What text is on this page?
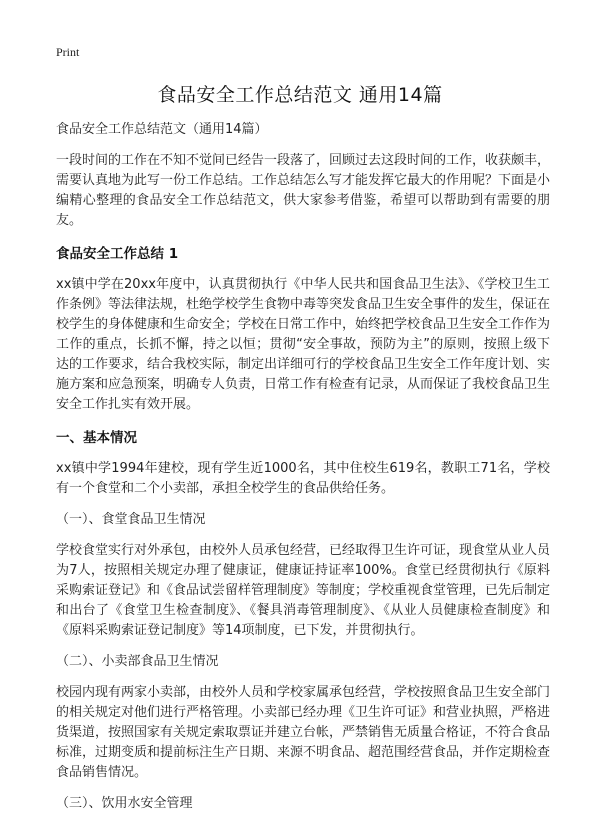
Print
食品安全工作总结范文 通用14篇
食品安全工作总结范文（通用14篇）

一段时间的工作在不知不觉间已经告一段落了，回顾过去这段时间的工作，收获颇丰，需要认真地为此写一份工作总结。工作总结怎么写才能发挥它最大的作用呢？下面是小编精心整理的食品安全工作总结范文，供大家参考借鉴，希望可以帮助到有需要的朋友。

食品安全工作总结 1

xx镇中学在20xx年度中，认真贯彻执行《中华人民共和国食品卫生法》、《学校卫生工作条例》等法律法规，杜绝学校学生食物中毒等突发食品卫生安全事件的发生，保证在校学生的身体健康和生命安全；学校在日常工作中，始终把学校食品卫生安全工作作为工作的重点，长抓不懈，持之以恒；贯彻“安全事故，预防为主”的原则，按照上级下达的工作要求，结合我校实际，制定出详细可行的学校食品卫生安全工作年度计划、实施方案和应急预案，明确专人负责，日常工作有检查有记录，从而保证了我校食品卫生安全工作扎实有效开展。

一、基本情况

xx镇中学1994年建校，现有学生近1000名，其中住校生619名，教职工71名，学校有一个食堂和二个小卖部，承担全校学生的食品供给任务。

（一）、食堂食品卫生情况

学校食堂实行对外承包，由校外人员承包经营，已经取得卫生许可证，现食堂从业人员为7人，按照相关规定办理了健康证，健康证持证率100%。食堂已经贯彻执行《原料采购索证登记》和《食品试尝留样管理制度》等制度；学校重视食堂管理，已先后制定和出台了《食堂卫生检查制度》、《餐具消毒管理制度》、《从业人员健康检查制度》和《原料采购索证登记制度》等14项制度，已下发，并贯彻执行。

（二）、小卖部食品卫生情况

校园内现有两家小卖部，由校外人员和学校家属承包经营，学校按照食品卫生安全部门的相关规定对他们进行严格管理。小卖部已经办理《卫生许可证》和营业执照，严格进货渠道，按照国家有关规定索取票证并建立台帐，严禁销售无质量合格证，不符合食品标准，过期变质和提前标注生产日期、来源不明食品、超范围经营食品，并作定期检查食品销售情况。

（三）、饮用水安全管理
